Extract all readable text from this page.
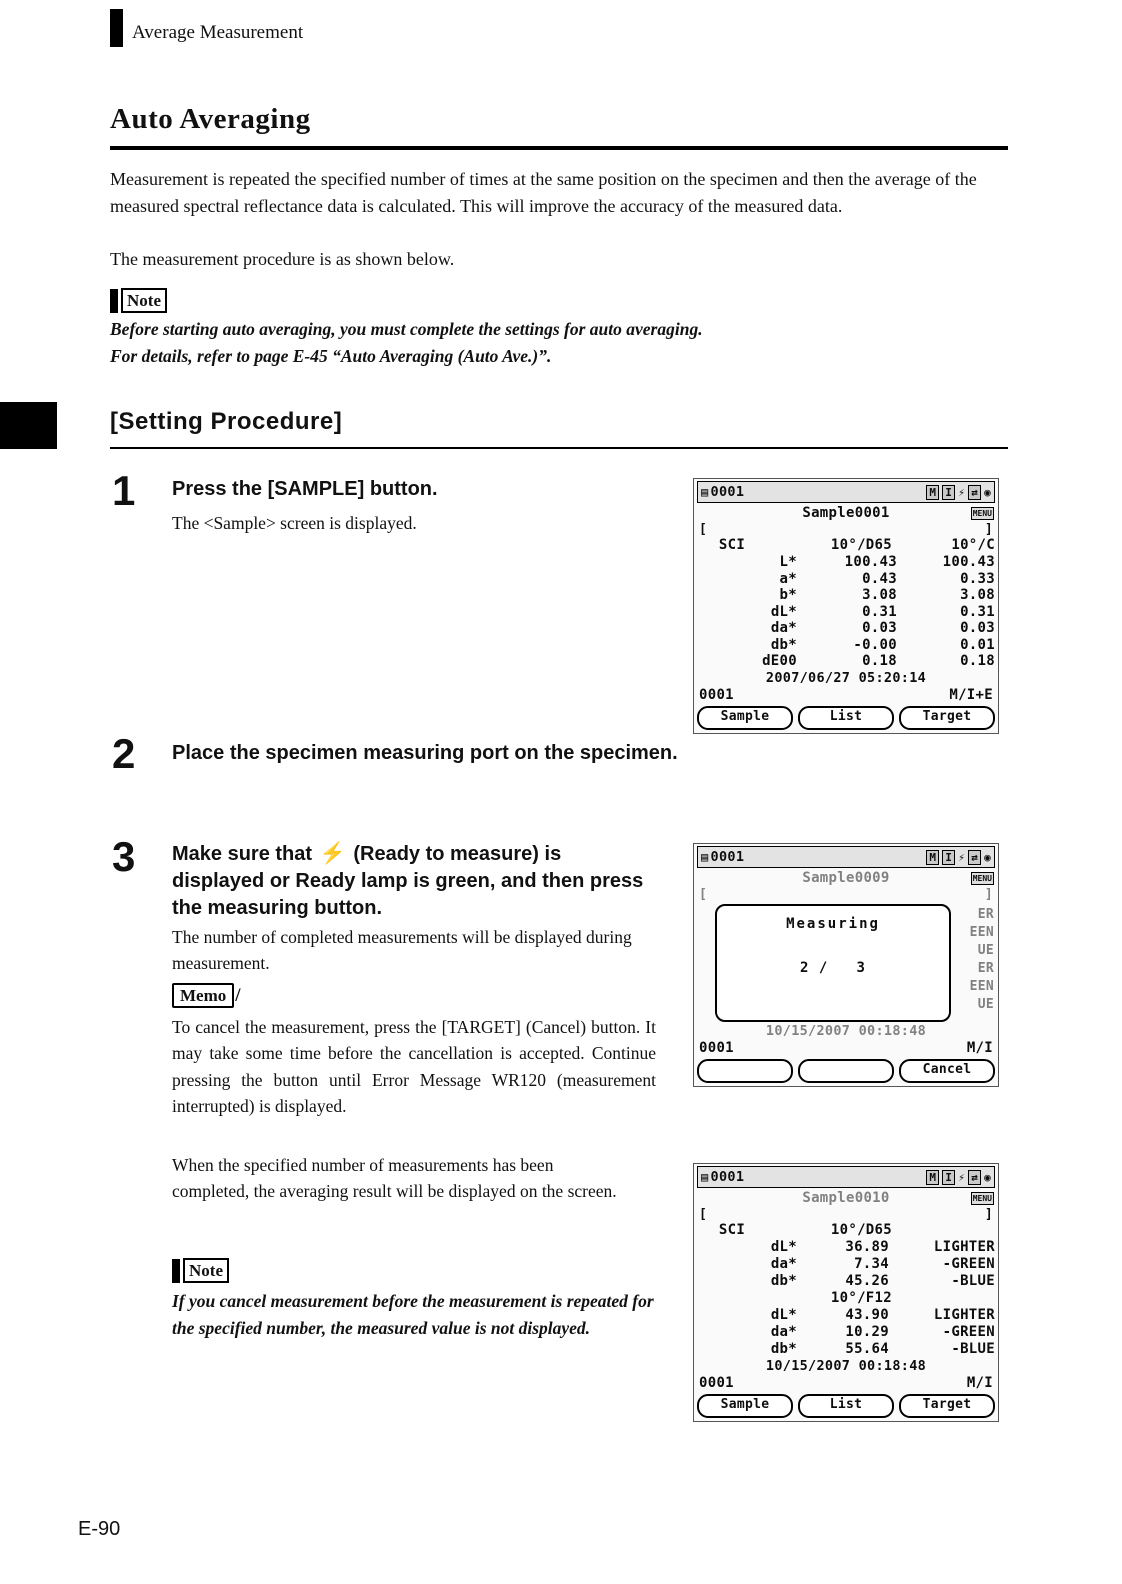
Average Measurement
Auto Averaging
Measurement is repeated the specified number of times at the same position on the specimen and then the average of the measured spectral reflectance data is calculated. This will improve the accuracy of the measured data.
The measurement procedure is as shown below.
Note
Before starting auto averaging, you must complete the settings for auto averaging.
For details, refer to page E-45 “Auto Averaging (Auto Ave.)”.
[Setting Procedure]
1 Press the [SAMPLE] button.
The <Sample> screen is displayed.
▤ 0001	M I ⚡ ⇄ ◉
Sample0001	MENU
[	]
SCI	10°/D65	10°/C
L*	100.43	100.43
a*	0.43	0.33
b*	3.08	3.08
dL*	0.31	0.31
da*	0.03	0.03
db*	-0.00	0.01
dE00	0.18	0.18
2007/06/27 05:20:14
0001	M/I+E
Sample	List	Target
2 Place the specimen measuring port on the specimen.
3 Make sure that ⚡ (Ready to measure) is displayed or Ready lamp is green, and then press the measuring button.
The number of completed measurements will be displayed during measurement.
Memo /
To cancel the measurement, press the [TARGET] (Cancel) button. It may take some time before the cancellation is accepted. Continue pressing the button until Error Message WR120 (measurement interrupted) is displayed.
▤ 0001	M I ⚡ ⇄ ◉
Sample0009	MENU
[	]
ER
EEN
UE
ER
EEN
UE
Measuring
2 /   3
10/15/2007 00:18:48
0001	M/I
Cancel
When the specified number of measurements has been completed, the averaging result will be displayed on the screen.
Note
If you cancel measurement before the measurement is repeated for the specified number, the measured value is not displayed.
▤ 0001	M I ⚡ ⇄ ◉
Sample0010	MENU
[	]
SCI	10°/D65
dL*	36.89	LIGHTER
da*	7.34	-GREEN
db*	45.26	-BLUE
10°/F12
dL*	43.90	LIGHTER
da*	10.29	-GREEN
db*	55.64	-BLUE
10/15/2007 00:18:48
0001	M/I
Sample	List	Target
E-90
